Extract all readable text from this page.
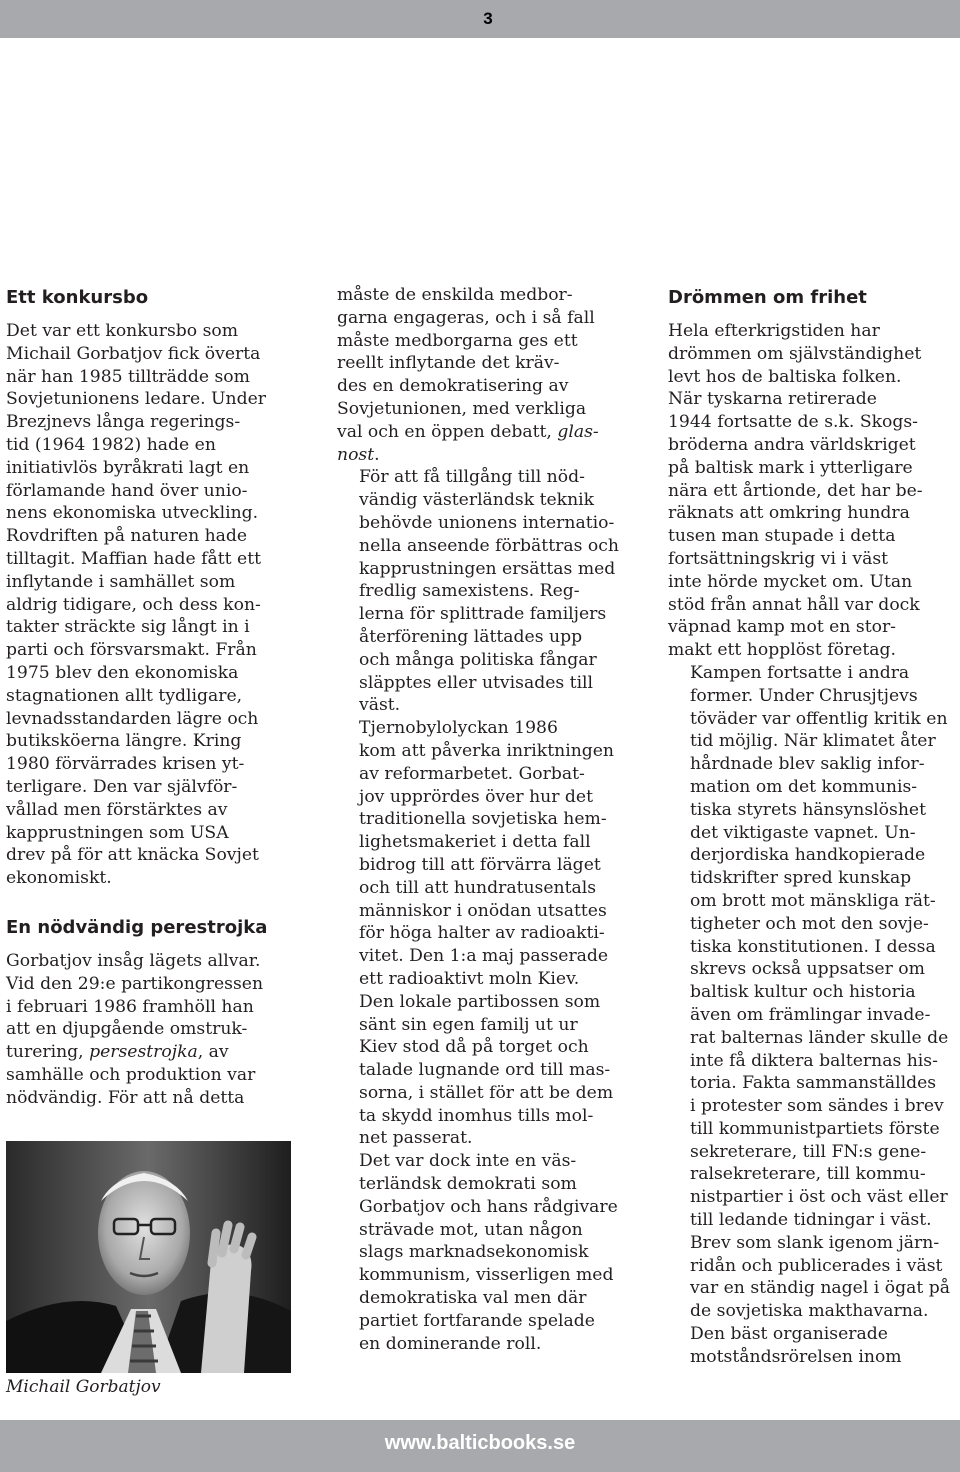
3
Ett konkursbo

Det var ett konkursbo som
Michail Gorbatjov fick överta
när han 1985 tillträdde som
Sovjetunionens ledare. Under
Brezjnevs långa regerings-
tid (1964 1982) hade en
initiativlös byråkrati lagt en
förlamande hand över unio-
nens ekonomiska utveckling.
Rovdriften på naturen hade
tilltagit. Maffian hade fått ett
inflytande i samhället som
aldrig tidigare, och dess kon-
takter sträckte sig långt in i
parti och försvarsmakt. Från
1975 blev den ekonomiska
stagnationen allt tydligare,
levnadsstandarden lägre och
butiksköerna längre. Kring
1980 förvärrades krisen yt-
terligare. Den var självför-
vållad men förstärktes av
kapprustningen som USA
drev på för att knäcka Sovjet
ekonomiskt.

En nödvändig perestrojka

Gorbatjov insåg lägets allvar.
Vid den 29:e partikongressen
i februari 1986 framhöll han
att en djupgående omstruk-
turering, persestrojka, av
samhälle och produktion var
nödvändig. För att nå detta

Michail Gorbatjov

måste de enskilda medbor-
garna engageras, och i så fall
måste medborgarna ges ett
reellt inflytande det kräv-
des en demokratisering av
Sovjetunionen, med verkliga
val och en öppen debatt, glas-
nost.

För att få tillgång till nöd-
vändig västerländsk teknik
behövde unionens internatio-
nella anseende förbättras och
kapprustningen ersättas med
fredlig samexistens. Reg-
lerna för splittrade familjers
återförening lättades upp
och många politiska fångar
släpptes eller utvisades till
väst.

Tjernobylolyckan 1986
kom att påverka inriktningen
av reformarbetet. Gorbat-
jov upprördes över hur det
traditionella sovjetiska hem-
lighetsmakeriet i detta fall
bidrog till att förvärra läget
och till att hundratusentals
människor i onödan utsattes
för höga halter av radioakti-
vitet. Den 1:a maj passerade
ett radioaktivt moln Kiev.
Den lokale partibossen som
sänt sin egen familj ut ur
Kiev stod då på torget och
talade lugnande ord till mas-
sorna, i stället för att be dem
ta skydd inomhus tills mol-
net passerat.

Det var dock inte en väs-
terländsk demokrati som
Gorbatjov och hans rådgivare
strävade mot, utan någon
slags marknadsekonomisk
kommunism, visserligen med
demokratiska val men där
partiet fortfarande spelade
en dominerande roll.

Drömmen om frihet

Hela efterkrigstiden har
drömmen om självständighet
levt hos de baltiska folken.
När tyskarna retirerade
1944 fortsatte de s.k. Skogs-
bröderna andra världskriget
på baltisk mark i ytterligare
nära ett årtionde, det har be-
räknats att omkring hundra
tusen man stupade i detta
fortsättningskrig vi i väst
inte hörde mycket om. Utan
stöd från annat håll var dock
väpnad kamp mot en stor-
makt ett hopplöst företag.

Kampen fortsatte i andra
former. Under Chrusjtjevs
töväder var offentlig kritik en
tid möjlig. När klimatet åter
hårdnade blev saklig infor-
mation om det kommunis-
tiska styrets hänsynslöshet
det viktigaste vapnet. Un-
derjordiska handkopierade
tidskrifter spred kunskap
om brott mot mänskliga rät-
tigheter och mot den sovje-
tiska konstitutionen. I dessa
skrevs också uppsatser om
baltisk kultur och historia
även om främlingar invade-
rat balternas länder skulle de
inte få diktera balternas his-
toria. Fakta sammanställdes
i protester som sändes i brev
till kommunistpartiets förste
sekreterare, till FN:s gene-
ralsekreterare, till kommu-
nistpartier i öst och väst eller
till ledande tidningar i väst.
Brev som slank igenom järn-
ridån och publicerades i väst
var en ständig nagel i ögat på
de sovjetiska makthavarna.

Den bäst organiserade
motståndsrörelsen inom

www.balticbooks.se
